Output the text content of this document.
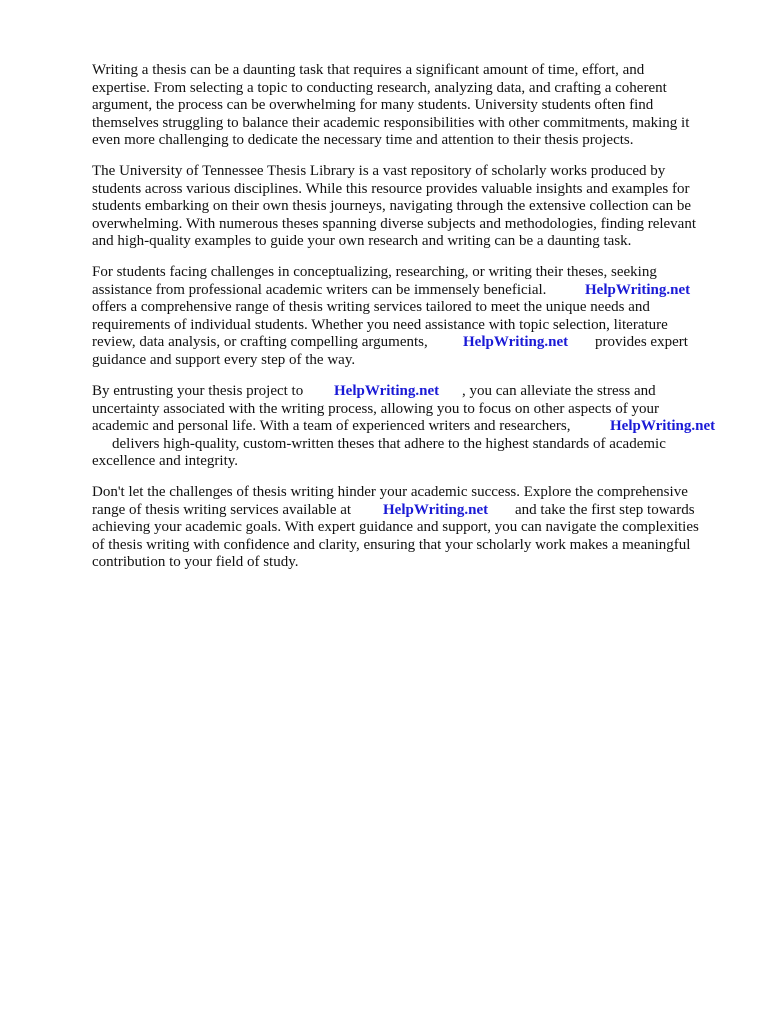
Writing a thesis can be a daunting task that requires a significant amount of time, effort, and
expertise. From selecting a topic to conducting research, analyzing data, and crafting a coherent
argument, the process can be overwhelming for many students. University students often find
themselves struggling to balance their academic responsibilities with other commitments, making it
even more challenging to dedicate the necessary time and attention to their thesis projects.
The University of Tennessee Thesis Library is a vast repository of scholarly works produced by
students across various disciplines. While this resource provides valuable insights and examples for
students embarking on their own thesis journeys, navigating through the extensive collection can be
overwhelming. With numerous theses spanning diverse subjects and methodologies, finding relevant
and high-quality examples to guide your own research and writing can be a daunting task.
For students facing challenges in conceptualizing, researching, or writing their theses, seeking
assistance from professional academic writers can be immensely beneficial.	HelpWriting.net
offers a comprehensive range of thesis writing services tailored to meet the unique needs and
requirements of individual students. Whether you need assistance with topic selection, literature
review, data analysis, or crafting compelling arguments, HelpWriting.net provides expert
guidance and support every step of the way.
By entrusting your thesis project to HelpWriting.net , you can alleviate the stress and
uncertainty associated with the writing process, allowing you to focus on other aspects of your
academic and personal life. With a team of experienced writers and researchers,	HelpWriting.net
delivers high-quality, custom-written theses that adhere to the highest standards of academic
excellence and integrity.
Don't let the challenges of thesis writing hinder your academic success. Explore the comprehensive
range of thesis writing services available at HelpWriting.net and take the first step towards
achieving your academic goals. With expert guidance and support, you can navigate the complexities
of thesis writing with confidence and clarity, ensuring that your scholarly work makes a meaningful
contribution to your field of study.
